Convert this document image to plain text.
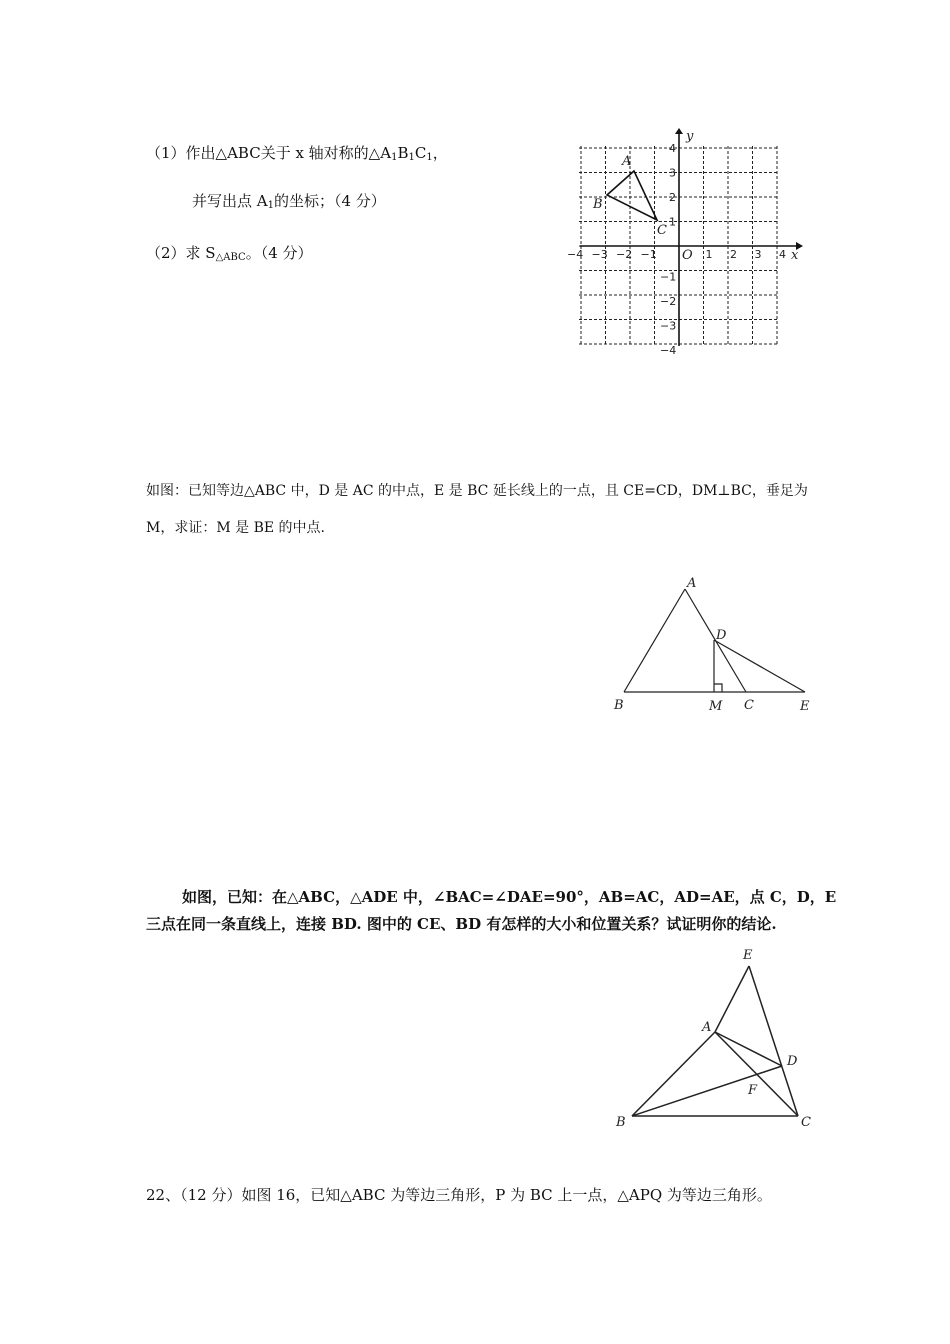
（1）作出△ABC关于 x 轴对称的$\triangle A_1B_1C_1$，
并写出点 $A_1$的坐标；（4 分）
（2）求 $S_{\triangle ABC}$。（4 分）	x
y
O
−4 −3 −2 −1	1 2 3 4
4
3
2
1
−1
−2
−3
−4
A
B
C
如图：已知等边△ABC 中，D 是 AC 的中点，E 是 BC 延长线上的一点，且 CE=CD，DM⊥BC，垂足为
M，求证：M 是 BE 的中点.
A
D
B	M C	E
如图，已知：在△ABC，△ADE 中，∠BAC=∠DAE=90°，AB=AC，AD=AE，点 C，D，E
三点在同一条直线上，连接 BD. 图中的 CE、BD 有怎样的大小和位置关系？试证明你的结论.
E
A
D
F
B	C
22、（12 分）如图 16，已知△ABC 为等边三角形，P 为 BC 上一点，△APQ 为等边三角形。
